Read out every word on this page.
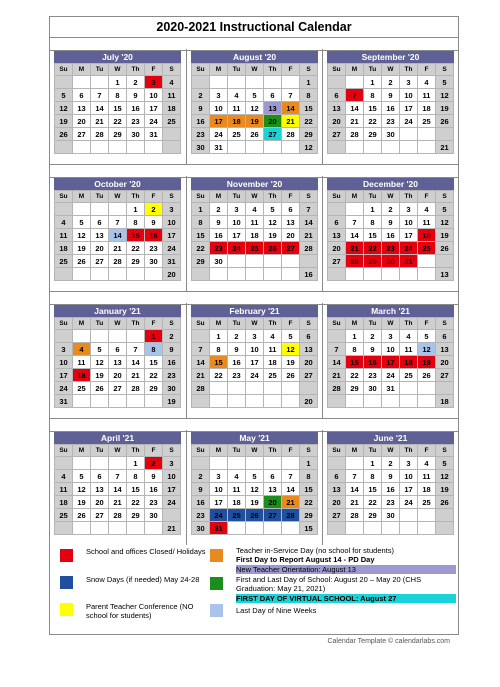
2020-2021 Instructional Calendar
July '20
Su	M	Tu	W	Th	F	S
			1	2	3	4
5	6	7	8	9	10	11
12	13	14	15	16	17	18
19	20	21	22	23	24	25
26	27	28	29	30	31	

August '20
Su	M	Tu	W	Th	F	S
						1
2	3	4	5	6	7	8
9	10	11	12	13	14	15
16	17	18	19	20	21	22
23	24	25	26	27	28	29
30	31					12
September '20
Su	M	Tu	W	Th	F	S
		1	2	3	4	5
6	7	8	9	10	11	12
13	14	15	16	17	18	19
20	21	22	23	24	25	26
27	28	29	30			
						21
October '20
Su	M	Tu	W	Th	F	S
				1	2	3
4	5	6	7	8	9	10
11	12	13	14	15	16	17
18	19	20	21	22	23	24
25	26	27	28	29	30	31
						20
November '20
Su	M	Tu	W	Th	F	S
1	2	3	4	5	6	7
8	9	10	11	12	13	14
15	16	17	18	19	20	21
22	23	24	25	26	27	28
29	30					
						16
December '20
Su	M	Tu	W	Th	F	S
		1	2	3	4	5
6	7	8	9	10	11	12
13	14	15	16	17	18	19
20	21	22	23	24	25	26
27	28	29	30	31		
						13
January '21
Su	M	Tu	W	Th	F	S
					1	2
3	4	5	6	7	8	9
10	11	12	13	14	15	16
17	18	19	20	21	22	23
24	25	26	27	28	29	30
31						19
February '21
Su	M	Tu	W	Th	F	S
	1	2	3	4	5	6
7	8	9	10	11	12	13
14	15	16	17	18	19	20
21	22	23	24	25	26	27
28						
						20
March '21
Su	M	Tu	W	Th	F	S
	1	2	3	4	5	6
7	8	9	10	11	12	13
14	15	16	17	18	19	20
21	22	23	24	25	26	27
28	29	30	31			
						18
April '21
Su	M	Tu	W	Th	F	S
				1	2	3
4	5	6	7	8	9	10
11	12	13	14	15	16	17
18	19	20	21	22	23	24
25	26	27	28	29	30	
						21
May '21
Su	M	Tu	W	Th	F	S
						1
2	3	4	5	6	7	8
9	10	11	12	13	14	15
16	17	18	19	20	21	22
23	24	25	26	27	28	29
30	31					15
June '21
Su	M	Tu	W	Th	F	S
		1	2	3	4	5
6	7	8	9	10	11	12
13	14	15	16	17	18	19
20	21	22	23	24	25	26
27	28	29	30			

School and offices Closed/ Holidays
Snow Days (if needed) May 24-28
Parent Teacher Conference (NO school for students)
Teacher in-Service Day (no school for students)
First Day to Report August 14 - PD Day
New Teacher Orientation: August 13
First and Last Day of School: August 20 – May 20 (CHS Graduation: May 21, 2021)
FIRST DAY OF VIRTUAL SCHOOL: August 27
Last Day of Nine Weeks
Calendar Template © calendarlabs.com
